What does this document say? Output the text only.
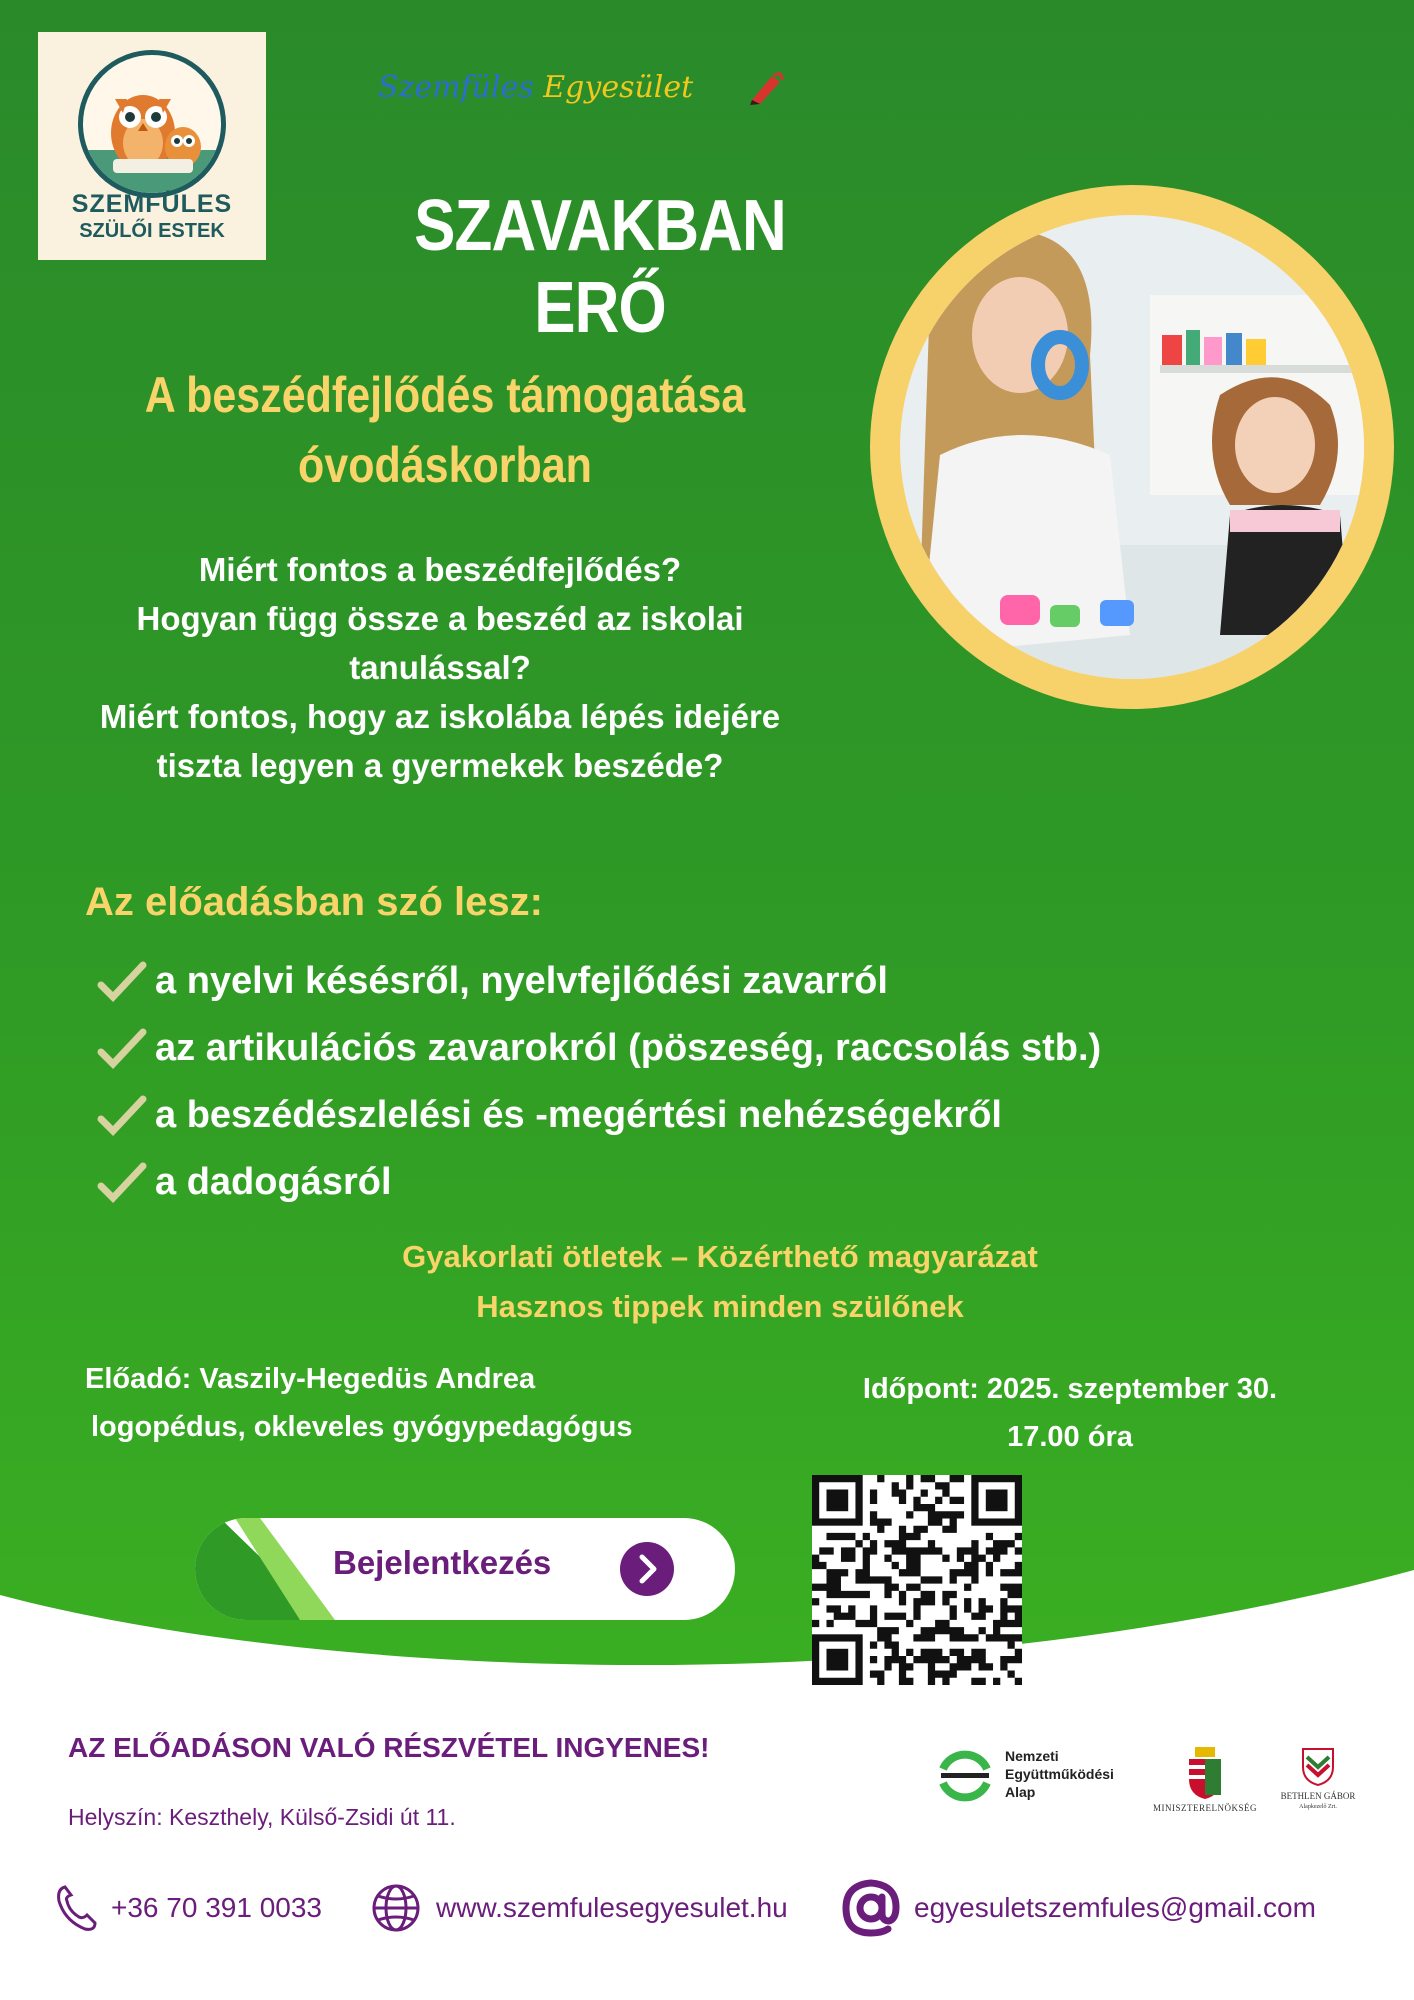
SZEMFÜLES
SZÜLŐI ESTEK
Szemfüles Egyesület
SZAVAKBAN ERŐ
A beszédfejlődés támogatása
óvodáskorban
Miért fontos a beszédfejlődés?
Hogyan függ össze a beszéd az iskolai
tanulással?
Miért fontos, hogy az iskolába lépés idejére
tiszta legyen a gyermekek beszéde?
Az előadásban szó lesz:
a nyelvi késésről, nyelvfejlődési zavarról
az artikulációs zavarokról (pöszeség, raccsolás stb.)
a beszédészlelési és -megértési nehézségekről
a dadogásról
Gyakorlati ötletek – Közérthető magyarázat
Hasznos tippek minden szülőnek
Előadó: Vaszily-Hegedüs Andrea
logopédus, okleveles gyógypedagógus
Időpont: 2025. szeptember 30.
17.00 óra
Bejelentkezés
AZ ELŐADÁSON VALÓ RÉSZVÉTEL INGYENES!
Helyszín: Keszthely, Külső-Zsidi út 11.
Nemzeti
Együttműködési
Alap
MINISZTERELNÖKSÉG
BETHLEN GÁBOR
Alapkezelő Zrt.
+36 70 391 0033	www.szemfulesegyesulet.hu	egyesuletszemfules@gmail.com
